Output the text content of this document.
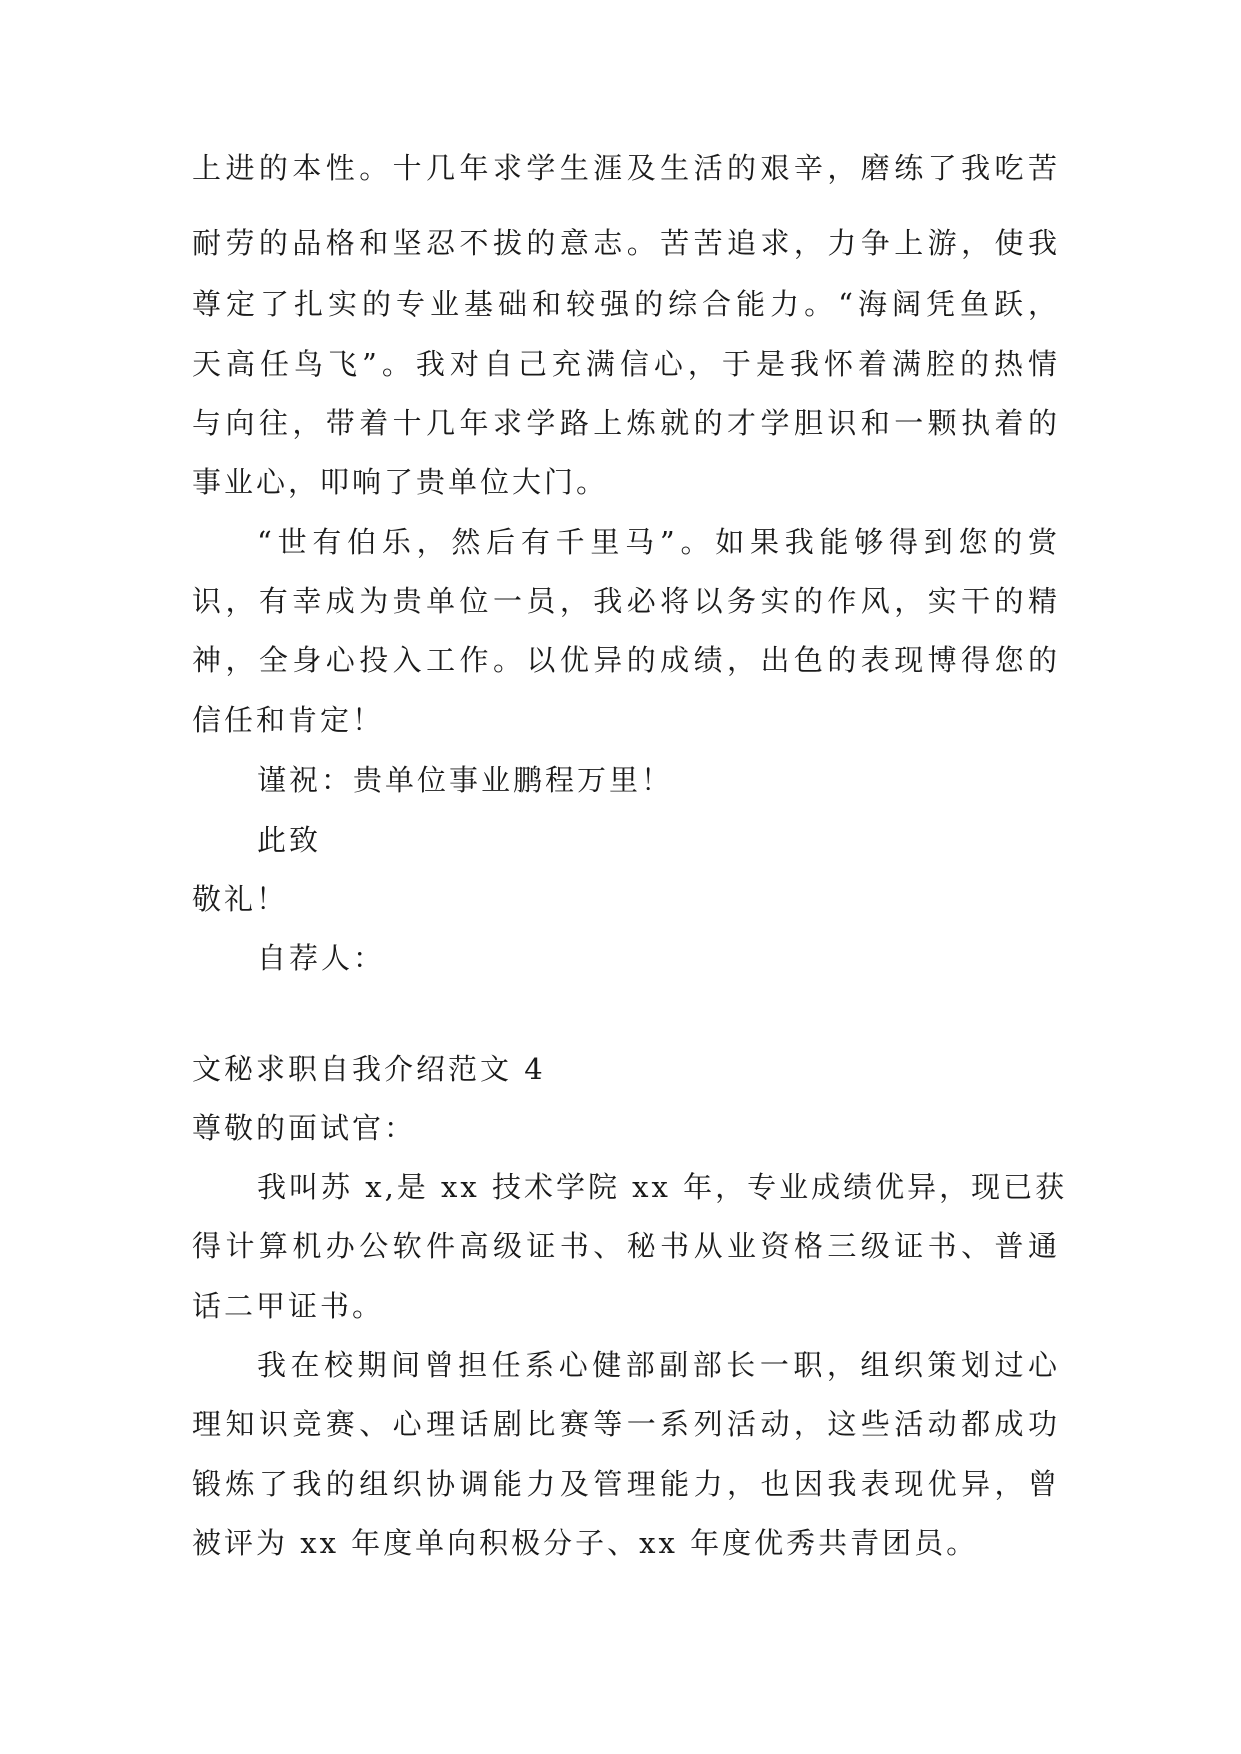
上进的本性。十几年求学生涯及生活的艰辛，磨练了我吃苦
耐劳的品格和坚忍不拔的意志。苦苦追求，力争上游，使我
尊定了扎实的专业基础和较强的综合能力。“海阔凭鱼跃，
天高任鸟飞”。我对自己充满信心，于是我怀着满腔的热情
与向往，带着十几年求学路上炼就的才学胆识和一颗执着的
事业心，叩响了贵单位大门。
“世有伯乐，然后有千里马”。如果我能够得到您的赏
识，有幸成为贵单位一员，我必将以务实的作风，实干的精
神，全身心投入工作。以优异的成绩，出色的表现博得您的
信任和肯定！
谨祝：贵单位事业鹏程万里！
此致
敬礼！
自荐人：
文秘求职自我介绍范文 4
尊敬的面试官：
我叫苏 x,是 xx 技术学院 xx 年，专业成绩优异，现已获
得计算机办公软件高级证书、秘书从业资格三级证书、普通
话二甲证书。
我在校期间曾担任系心健部副部长一职，组织策划过心
理知识竞赛、心理话剧比赛等一系列活动，这些活动都成功
锻炼了我的组织协调能力及管理能力，也因我表现优异，曾
被评为 xx 年度单向积极分子、xx 年度优秀共青团员。
